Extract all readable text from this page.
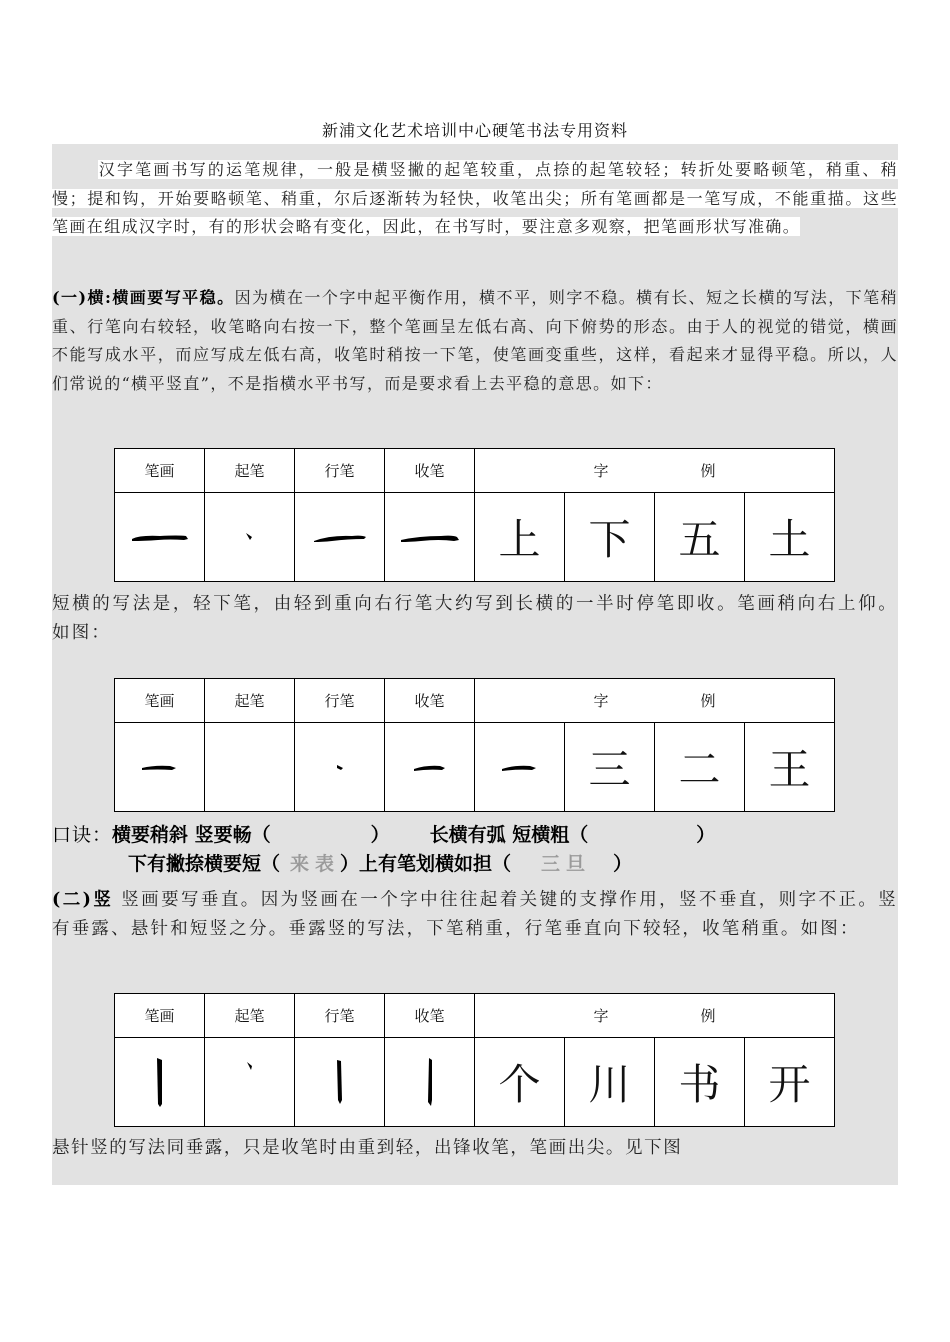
新浦文化艺术培训中心硬笔书法专用资料

汉字笔画书写的运笔规律，一般是横竖撇的起笔较重，点捺的起笔较轻；转折处要略顿笔，稍重、稍慢；提和钩，开始要略顿笔、稍重，尔后逐渐转为轻快，收笔出尖；所有笔画都是一笔写成，不能重描。这些笔画在组成汉字时，有的形状会略有变化，因此，在书写时，要注意多观察，把笔画形状写准确。

(一)横:横画要写平稳。因为横在一个字中起平衡作用，横不平，则字不稳。横有长、短之长横的写法，下笔稍重、行笔向右较轻，收笔略向右按一下，整个笔画呈左低右高、向下俯势的形态。由于人的视觉的错觉，横画不能写成水平，而应写成左低右高，收笔时稍按一下笔，使笔画变重些，这样，看起来才显得平稳。所以，人们常说的“横平竖直”，不是指横水平书写，而是要求看上去平稳的意思。如下：

笔画	起笔	行笔	收笔	字 例			

	上	下	五	土

短横的写法是，轻下笔，由轻到重向右行笔大约写到长横的一半时停笔即收。笔画稍向右上仰。如图：

笔画	起笔	行笔	收笔	字 例			

	三	二	王
口诀：横要稍斜 竖要畅（	） 长横有弧 短横粗（	）
下有撇捺横要短（ 来表）上有笔划横如担（ 三旦 ）

(二)竖 竖画要写垂直。因为竖画在一个字中往往起着关键的支撑作用，竖不垂直，则字不正。竖有垂露、悬针和短竖之分。垂露竖的写法，下笔稍重，行笔垂直向下较轻，收笔稍重。如图：

笔画	起笔	行笔	收笔	字 例			

	个	川	书	开

悬针竖的写法同垂露，只是收笔时由重到轻，出锋收笔，笔画出尖。见下图
